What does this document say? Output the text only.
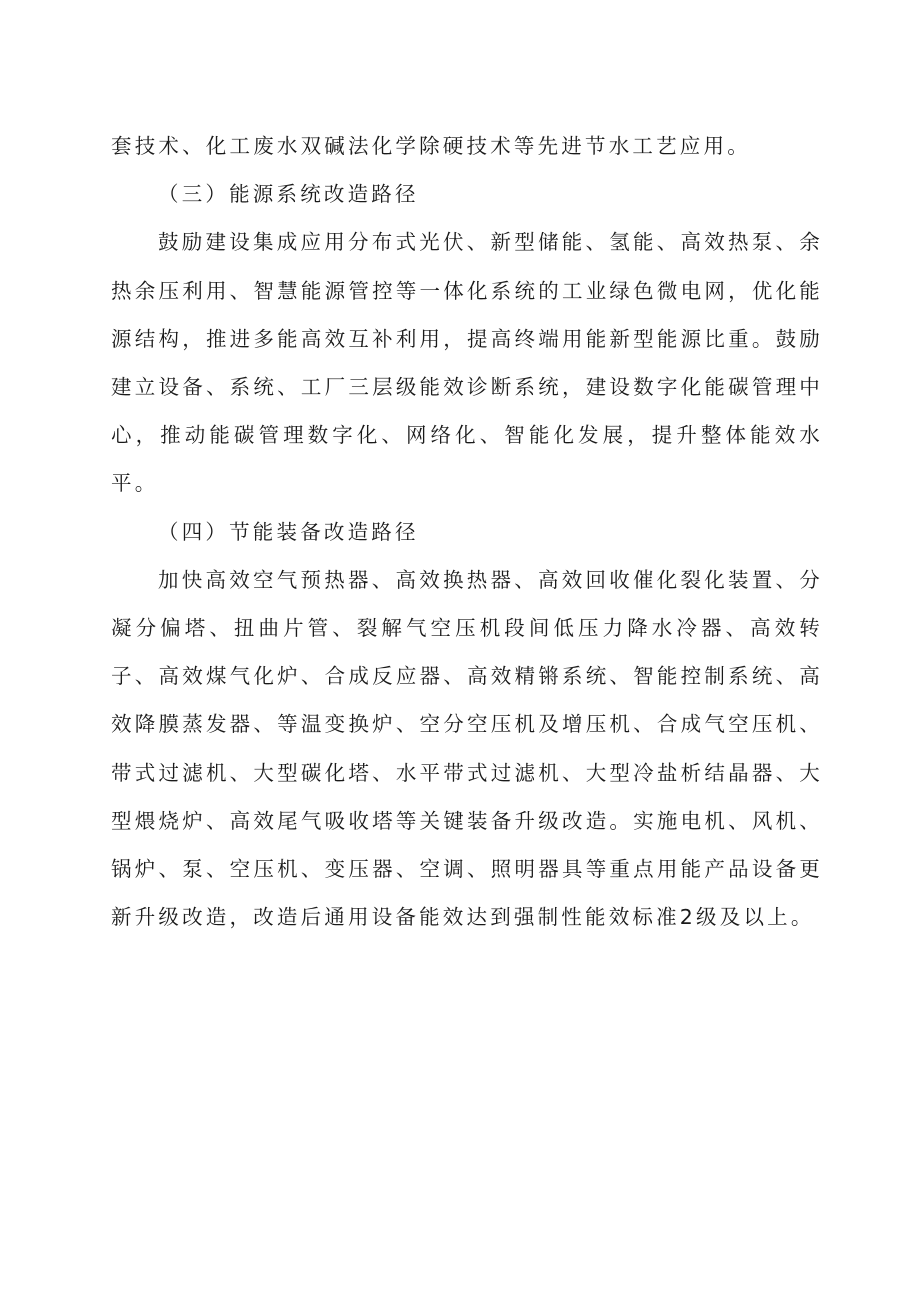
套技术、化工废水双碱法化学除硬技术等先进节水工艺应用。

（三）能源系统改造路径

鼓励建设集成应用分布式光伏、新型储能、氢能、高效热泵、余热余压利用、智慧能源管控等一体化系统的工业绿色微电网，优化能源结构，推进多能高效互补利用，提高终端用能新型能源比重。鼓励建立设备、系统、工厂三层级能效诊断系统，建设数字化能碳管理中心，推动能碳管理数字化、网络化、智能化发展，提升整体能效水平。

（四）节能装备改造路径

加快高效空气预热器、高效换热器、高效回收催化裂化装置、分凝分偏塔、扭曲片管、裂解气空压机段间低压力降水冷器、高效转子、高效煤气化炉、合成反应器、高效精锵系统、智能控制系统、高效降膜蒸发器、等温变换炉、空分空压机及增压机、合成气空压机、带式过滤机、大型碳化塔、水平带式过滤机、大型冷盐析结晶器、大型煨烧炉、高效尾气吸收塔等关键装备升级改造。实施电机、风机、锅炉、泵、空压机、变压器、空调、照明器具等重点用能产品设备更新升级改造，改造后通用设备能效达到强制性能效标准2级及以上。
